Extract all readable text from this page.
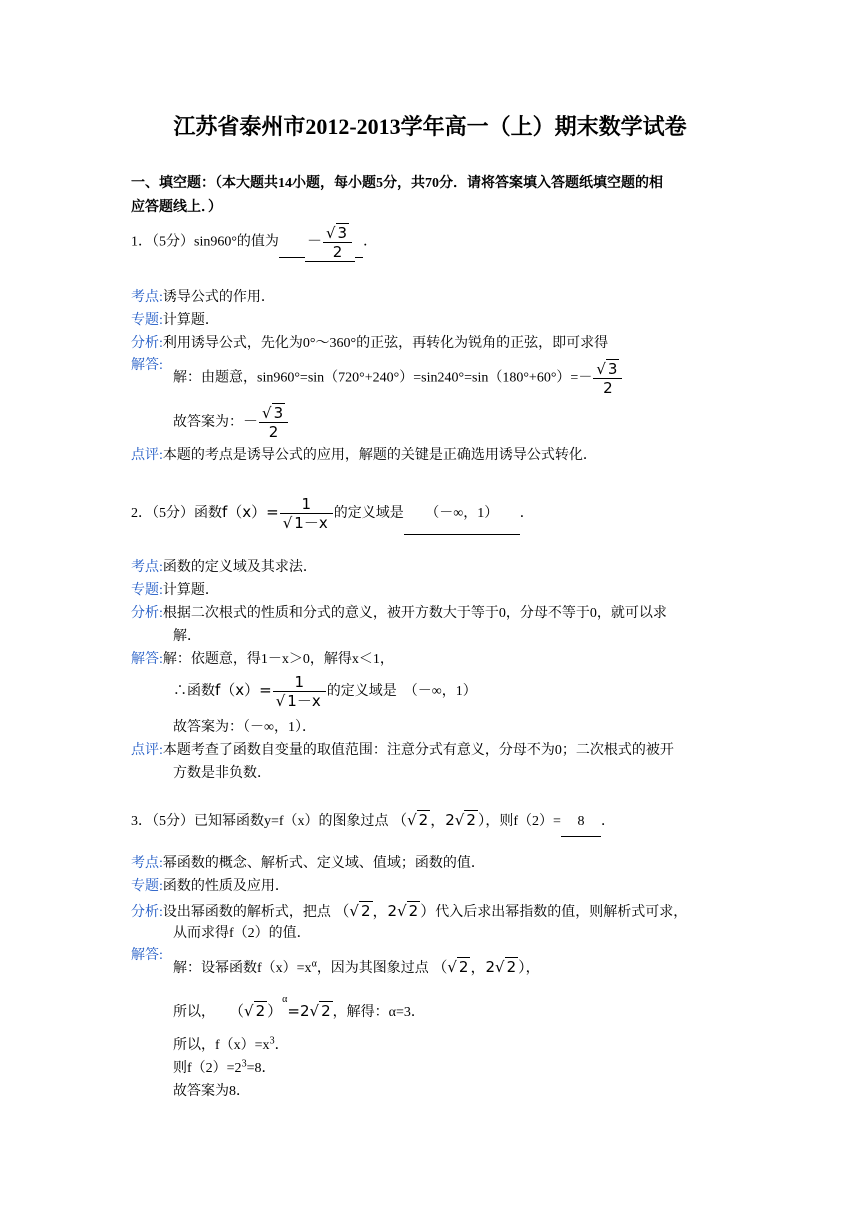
江苏省泰州市2012-2013学年高一（上）期末数学试卷
一、填空题：（本大题共14小题，每小题5分，共70分．请将答案填入答题纸填空题的相
应答题线上．）
1．（5分）sin960°的值为 － $\frac{√ 3}{2}$ ．
考点:诱导公式的作用．
专题:计算题．
分析:利用诱导公式，先化为0°～360°的正弦，再转化为锐角的正弦，即可求得
解答:
解：由题意，$\sin 960^\circ=\sin(720^\circ+240^\circ)=\sin 240^\circ=\sin(180^\circ+60^\circ)=- \frac{√ 3}{2}$
故答案为：－ $\frac{√ 3}{2}$
点评:本题的考点是诱导公式的应用，解题的关键是正确选用诱导公式转化．
2．（5分）函数$f(x)= \frac{1}{√ 1-x}$ 的定义域是 （－∞，1） ．
考点:函数的定义域及其求法．
专题:计算题．
分析:根据二次根式的性质和分式的意义，被开方数大于等于0，分母不等于0，就可以求
解．
解答:解：依题意，得1－x＞0，解得x＜1，
∴函数$f(x)= \frac{1}{√ 1-x}$ 的定义域是 （－∞，1）
故答案为：（－∞，1）．
点评:本题考查了函数自变量的取值范围：注意分式有意义，分母不为0；二次根式的被开
方数是非负数．
3．（5分）已知幂函数y=f（x）的图象过点 （√ 2 ，2√ 2 ），则f（2）= 8 ．
考点:幂函数的概念、解析式、定义域、值域；函数的值．
专题:函数的性质及应用．
分析:设出幂函数的解析式，把点 （√ 2 ，2√ 2 ）代入后求出幂指数的值，则解析式可求，
从而求得f（2）的值．
解答:
解：设幂函数$f(x)=x^\alpha$，因为其图象过点 （√ 2 ，2√ 2 ），
所以， （√ 2 ）$^\alpha$=2√ 2 ，解得：α=3．
所以，$f(x)=x^3$．
则$f(2)=2^3=8$．
故答案为8．
